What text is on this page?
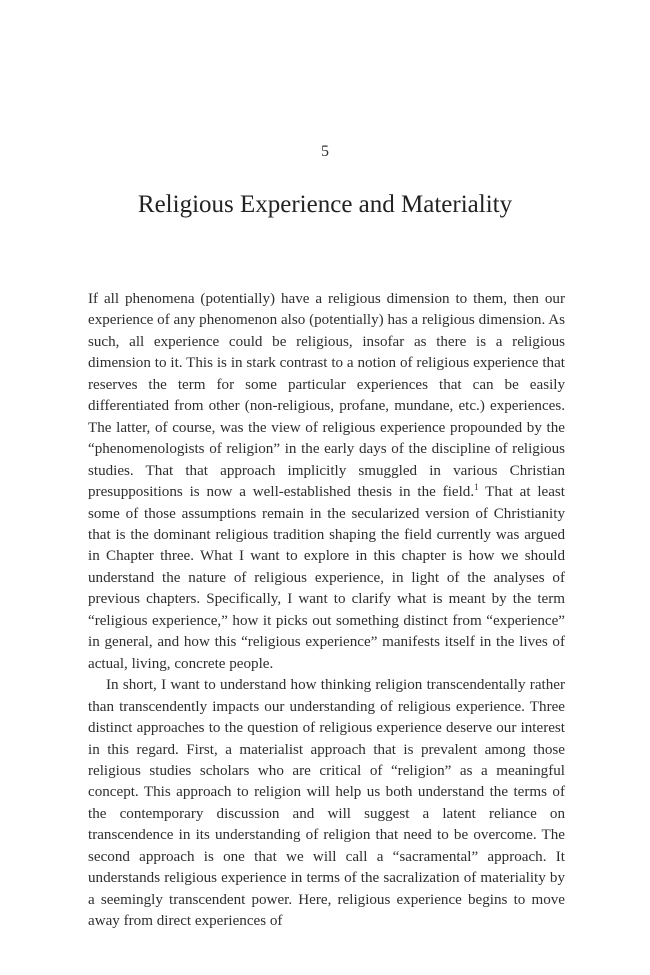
5
Religious Experience and Materiality

If all phenomena (potentially) have a religious dimension to them, then our experience of any phenomenon also (potentially) has a religious dimension. As such, all experience could be religious, insofar as there is a religious dimension to it. This is in stark contrast to a notion of religious experience that reserves the term for some particular experiences that can be easily differentiated from other (non-religious, profane, mundane, etc.) experiences. The latter, of course, was the view of religious experience propounded by the “phenomenologists of religion” in the early days of the discipline of religious studies. That that approach implicitly smuggled in various Christian presuppositions is now a well-established thesis in the field.$^1$ That at least some of those assumptions remain in the secularized version of Christianity that is the dominant religious tradition shaping the field currently was argued in Chapter three. What I want to explore in this chapter is how we should understand the nature of religious experience, in light of the analyses of previous chapters. Specifically, I want to clarify what is meant by the term “religious experience,” how it picks out something distinct from “experience” in general, and how this “religious experience” manifests itself in the lives of actual, living, concrete people.

In short, I want to understand how thinking religion transcendentally rather than transcendently impacts our understanding of religious experience. Three distinct approaches to the question of religious experience deserve our interest in this regard. First, a materialist approach that is prevalent among those religious studies scholars who are critical of “religion” as a meaningful concept. This approach to religion will help us both understand the terms of the contemporary discussion and will suggest a latent reliance on transcendence in its understanding of religion that need to be overcome. The second approach is one that we will call a “sacramental” approach. It understands religious experience in terms of the sacralization of materiality by a seemingly transcendent power. Here, religious experience begins to move away from direct experiences of
